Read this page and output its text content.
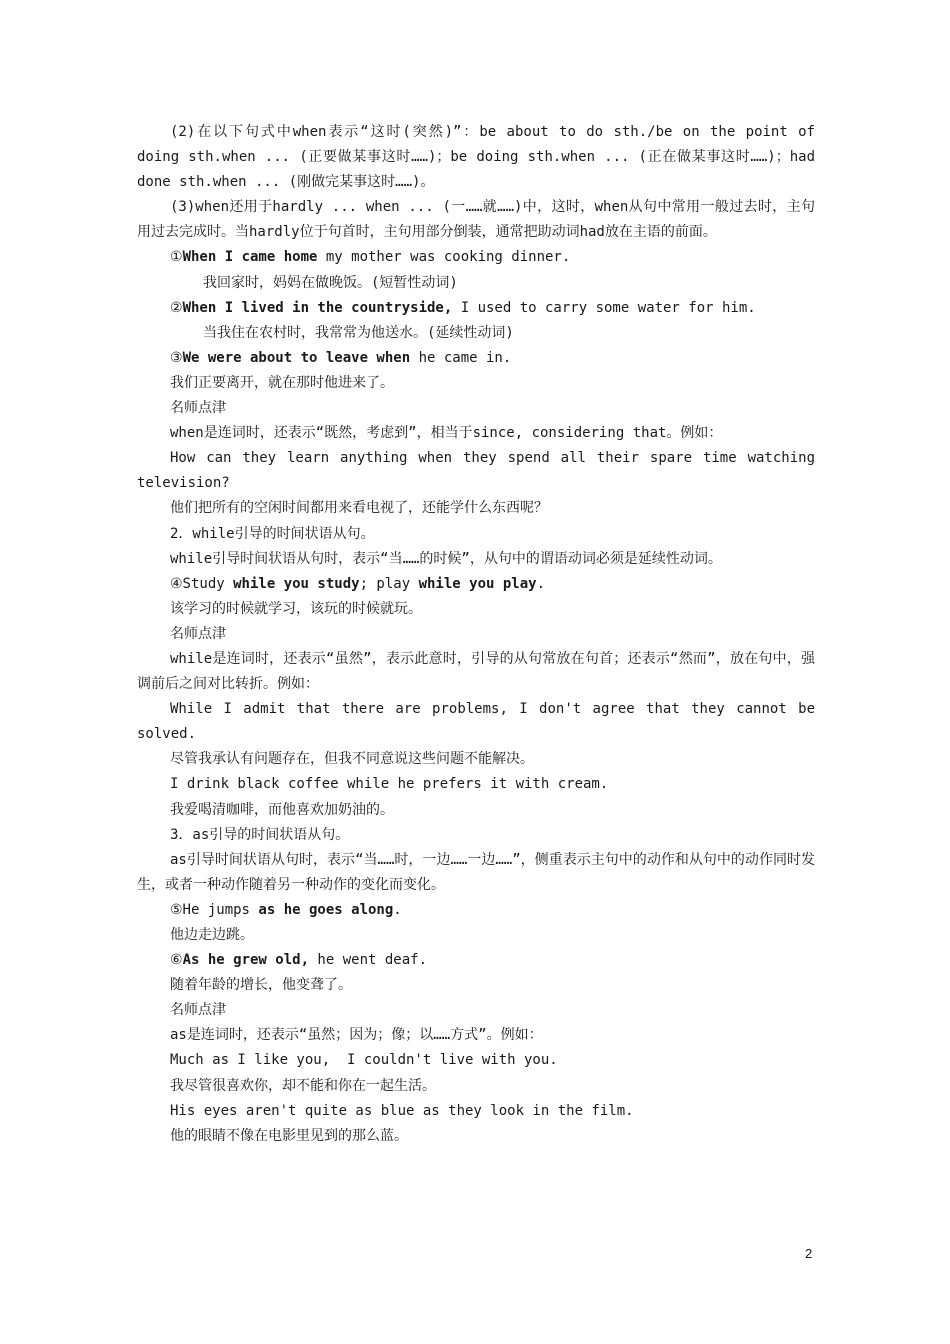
(2)在以下句式中when表示“这时(突然)”：be about to do sth./be on the point of doing sth.when ... (正要做某事这时……)；be doing sth.when ... (正在做某事这时……)；had done sth.when ... (刚做完某事这时……)。

(3)when还用于hardly ... when ... (一……就……)中，这时，when从句中常用一般过去时，主句用过去完成时。当hardly位于句首时，主句用部分倒装，通常把助动词had放在主语的前面。

①When I came home my mother was cooking dinner.

我回家时，妈妈在做晚饭。(短暂性动词)

②When I lived in the countryside, I used to carry some water for him.

当我住在农村时，我常常为他送水。(延续性动词)

③We were about to leave when he came in.

我们正要离开，就在那时他进来了。

名师点津

when是连词时，还表示“既然，考虑到”，相当于since, considering that。例如：

How can they learn anything when they spend all their spare time watching television?

他们把所有的空闲时间都用来看电视了，还能学什么东西呢？

2．while引导的时间状语从句。

while引导时间状语从句时，表示“当……的时候”，从句中的谓语动词必须是延续性动词。

④Study while you study; play while you play.

该学习的时候就学习，该玩的时候就玩。

名师点津

while是连词时，还表示“虽然”，表示此意时，引导的从句常放在句首；还表示“然而”，放在句中，强调前后之间对比转折。例如：

While I admit that there are problems, I don't agree that they cannot be solved.

尽管我承认有问题存在，但我不同意说这些问题不能解决。

I drink black coffee while he prefers it with cream.

我爱喝清咖啡，而他喜欢加奶油的。

3．as引导的时间状语从句。

as引导时间状语从句时，表示“当……时，一边……一边……”，侧重表示主句中的动作和从句中的动作同时发生，或者一种动作随着另一种动作的变化而变化。

⑤He jumps as he goes along.

他边走边跳。

⑥As he grew old, he went deaf.

随着年龄的增长，他变聋了。

名师点津

as是连词时，还表示“虽然；因为；像；以……方式”。例如：

Much as I like you,  I couldn't live with you.

我尽管很喜欢你，却不能和你在一起生活。

His eyes aren't quite as blue as they look in the film.

他的眼睛不像在电影里见到的那么蓝。

2
